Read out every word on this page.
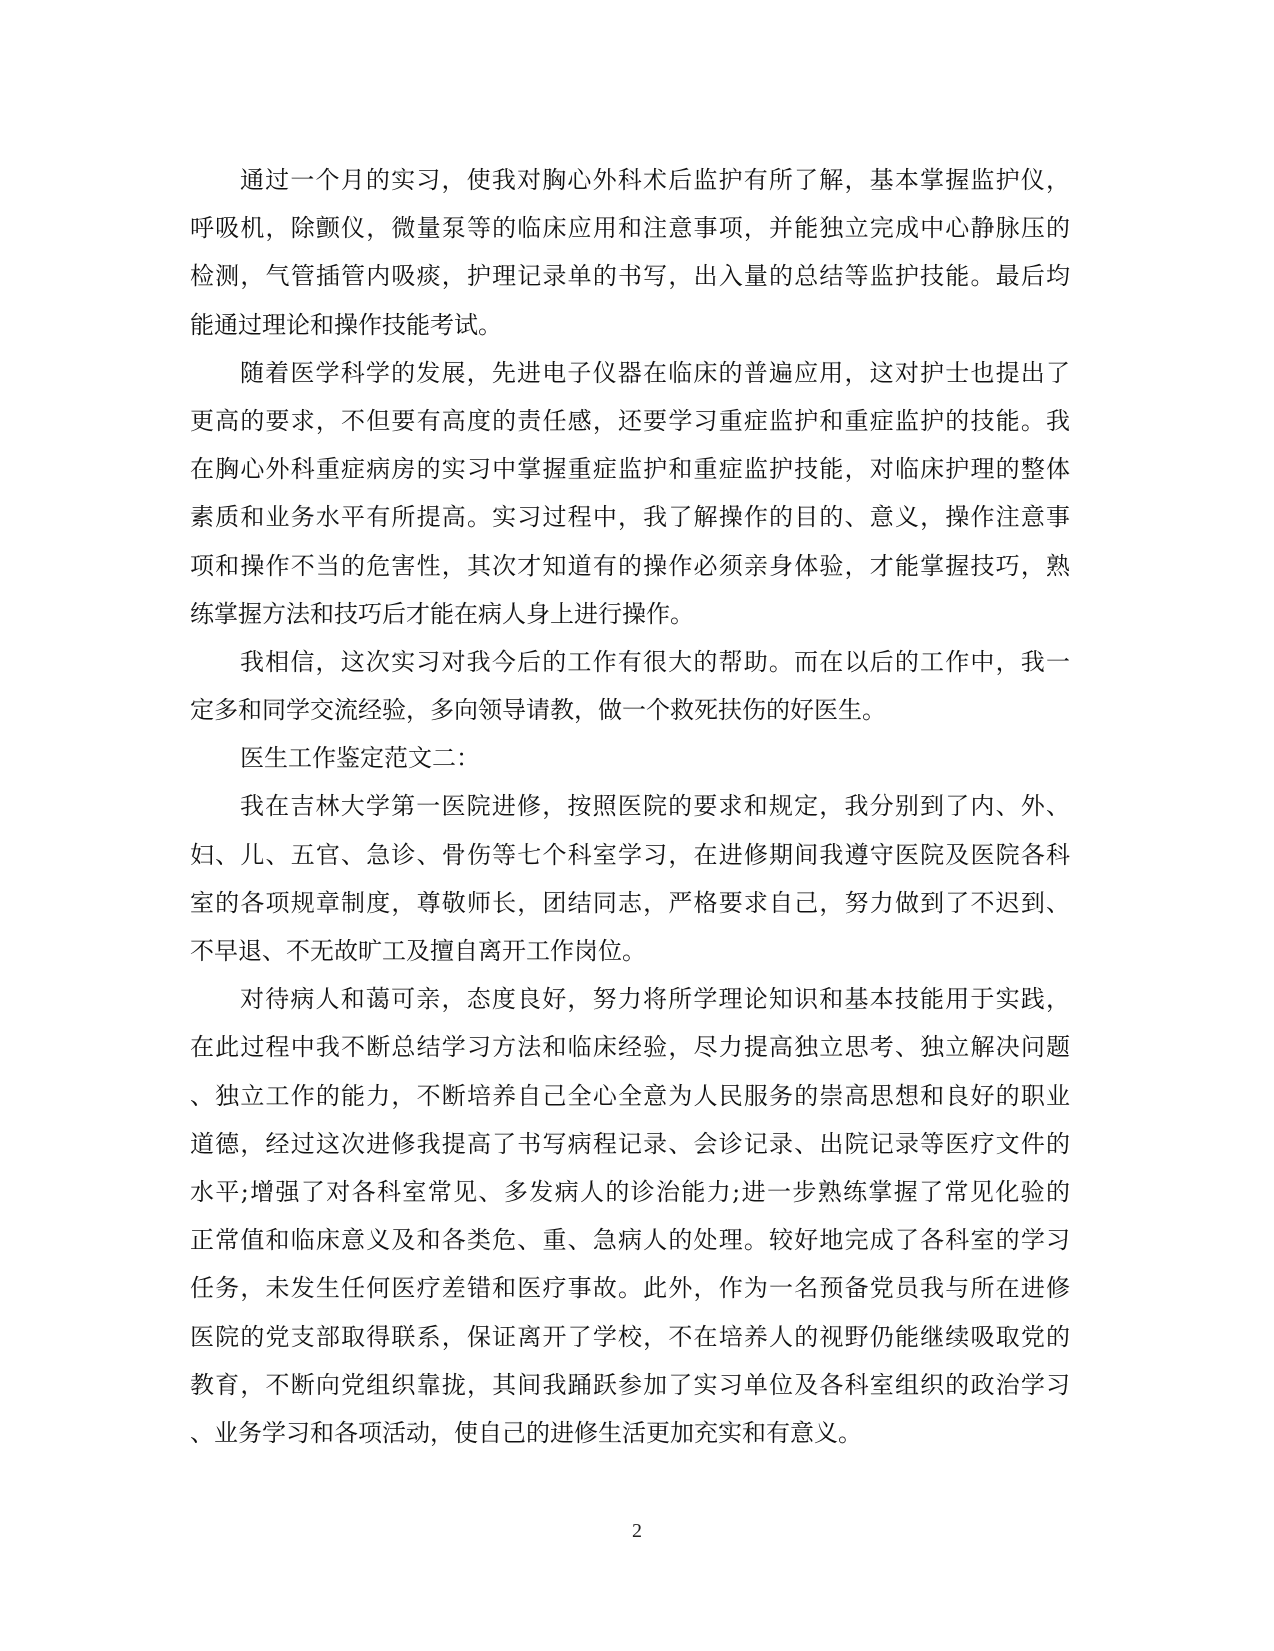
通过一个月的实习，使我对胸心外科术后监护有所了解，基本掌握监护仪，
呼吸机，除颤仪，微量泵等的临床应用和注意事项，并能独立完成中心静脉压的
检测，气管插管内吸痰，护理记录单的书写，出入量的总结等监护技能。最后均
能通过理论和操作技能考试。
随着医学科学的发展，先进电子仪器在临床的普遍应用，这对护士也提出了
更高的要求，不但要有高度的责任感，还要学习重症监护和重症监护的技能。我
在胸心外科重症病房的实习中掌握重症监护和重症监护技能，对临床护理的整体
素质和业务水平有所提高。实习过程中，我了解操作的目的、意义，操作注意事
项和操作不当的危害性，其次才知道有的操作必须亲身体验，才能掌握技巧，熟
练掌握方法和技巧后才能在病人身上进行操作。
我相信，这次实习对我今后的工作有很大的帮助。而在以后的工作中，我一
定多和同学交流经验，多向领导请教，做一个救死扶伤的好医生。
医生工作鉴定范文二：
我在吉林大学第一医院进修，按照医院的要求和规定，我分别到了内、外、
妇、儿、五官、急诊、骨伤等七个科室学习，在进修期间我遵守医院及医院各科
室的各项规章制度，尊敬师长，团结同志，严格要求自己，努力做到了不迟到、
不早退、不无故旷工及擅自离开工作岗位。
对待病人和蔼可亲，态度良好，努力将所学理论知识和基本技能用于实践，
在此过程中我不断总结学习方法和临床经验，尽力提高独立思考、独立解决问题
、独立工作的能力，不断培养自己全心全意为人民服务的崇高思想和良好的职业
道德，经过这次进修我提高了书写病程记录、会诊记录、出院记录等医疗文件的
水平;增强了对各科室常见、多发病人的诊治能力;进一步熟练掌握了常见化验的
正常值和临床意义及和各类危、重、急病人的处理。较好地完成了各科室的学习
任务，未发生任何医疗差错和医疗事故。此外，作为一名预备党员我与所在进修
医院的党支部取得联系，保证离开了学校，不在培养人的视野仍能继续吸取党的
教育，不断向党组织靠拢，其间我踊跃参加了实习单位及各科室组织的政治学习
、业务学习和各项活动，使自己的进修生活更加充实和有意义。
2
